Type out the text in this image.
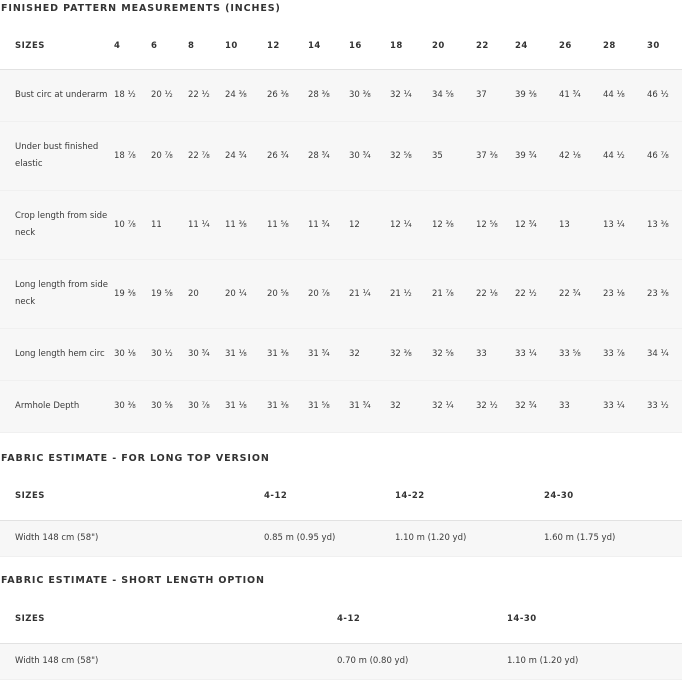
FINISHED PATTERN MEASUREMENTS (INCHES)
SIZES	4	6	8	10	12	14	16	18	20	22	24	26	28	30
Bust circ at underarm	18 ½	20 ½	22 ½	24 ⅜	26 ⅜	28 ⅜	30 ⅜	32 ¼	34 ⅝	37	39 ⅜	41 ¾	44 ⅛	46 ½
Under bust finished elastic	18 ⅞	20 ⅞	22 ⅞	24 ¾	26 ¾	28 ¾	30 ¾	32 ⅝	35	37 ⅜	39 ¾	42 ⅛	44 ½	46 ⅞
Crop length from side neck	10 ⅞	11	11 ¼	11 ⅜	11 ⅝	11 ¾	12	12 ¼	12 ⅜	12 ⅝	12 ¾	13	13 ¼	13 ⅜
Long length from side neck	19 ⅜	19 ⅝	20	20 ¼	20 ⅝	20 ⅞	21 ¼	21 ½	21 ⅞	22 ⅛	22 ½	22 ¾	23 ⅛	23 ⅜
Long length hem circ	30 ⅛	30 ½	30 ¾	31 ⅛	31 ⅜	31 ¾	32	32 ⅜	32 ⅝	33	33 ¼	33 ⅝	33 ⅞	34 ¼
Armhole Depth	30 ⅜	30 ⅝	30 ⅞	31 ⅛	31 ⅜	31 ⅝	31 ¾	32	32 ¼	32 ½	32 ¾	33	33 ¼	33 ½
FABRIC ESTIMATE - FOR LONG TOP VERSION
SIZES	4-12	14-22	24-30
Width 148 cm (58")	0.85 m (0.95 yd)	1.10 m (1.20 yd)	1.60 m (1.75 yd)
FABRIC ESTIMATE - SHORT LENGTH OPTION
SIZES	4-12	14-30
Width 148 cm (58")	0.70 m (0.80 yd)	1.10 m (1.20 yd)
